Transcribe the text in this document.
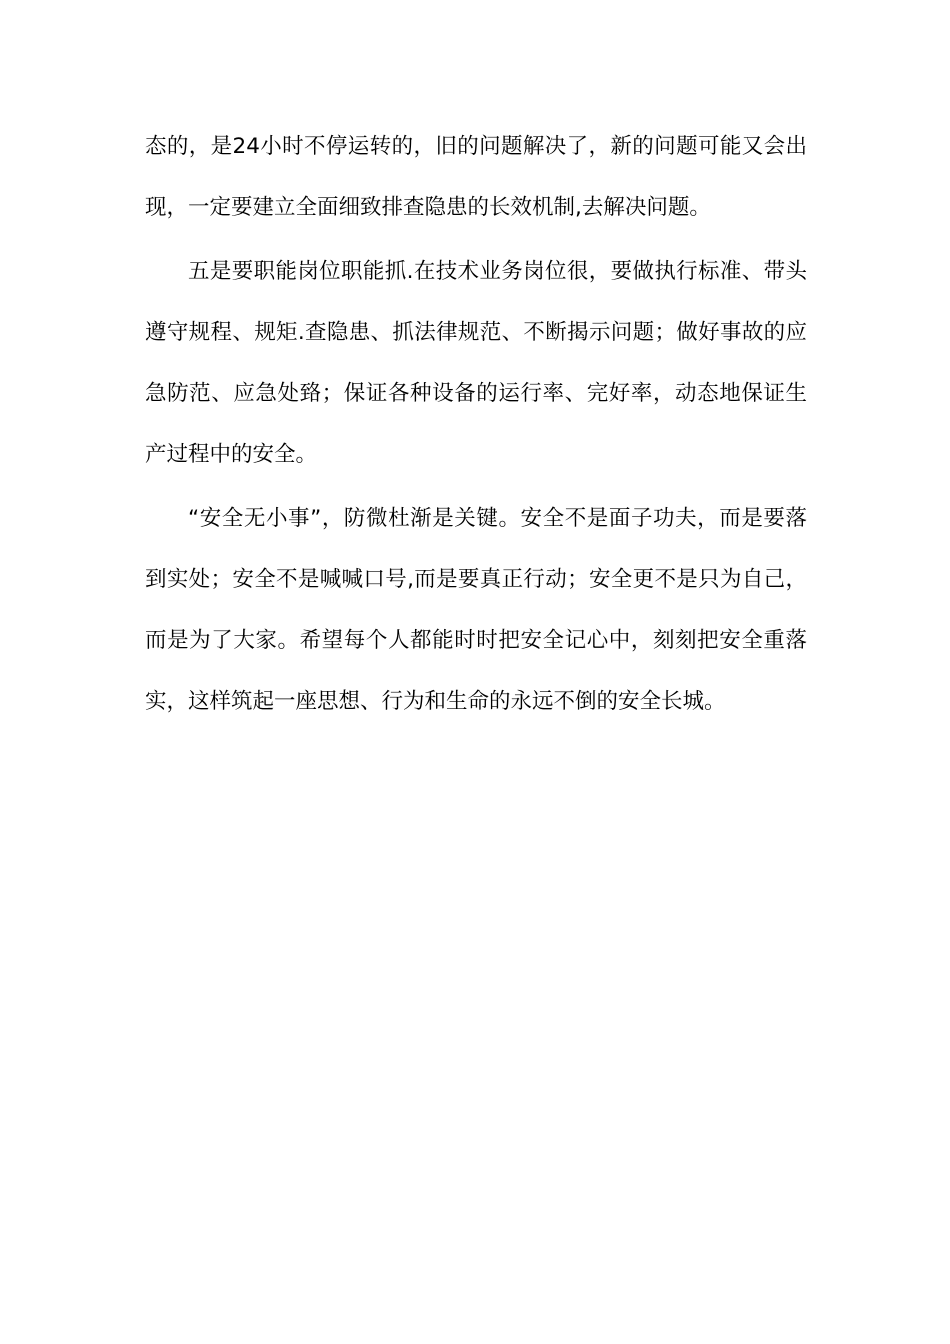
态的，是24小时不停运转的，旧的问题解决了，新的问题可能又会出现，一定要建立全面细致排查隐患的长效机制,去解决问题。

五是要职能岗位职能抓.在技术业务岗位很，要做执行标准、带头遵守规程、规矩.查隐患、抓法律规范、不断揭示问题；做好事故的应急防范、应急处臵；保证各种设备的运行率、完好率，动态地保证生产过程中的安全。

“安全无小事”，防微杜渐是关键。安全不是面子功夫，而是要落到实处；安全不是喊喊口号,而是要真正行动；安全更不是只为自己，而是为了大家。希望每个人都能时时把安全记心中，刻刻把安全重落实，这样筑起一座思想、行为和生命的永远不倒的安全长城。
